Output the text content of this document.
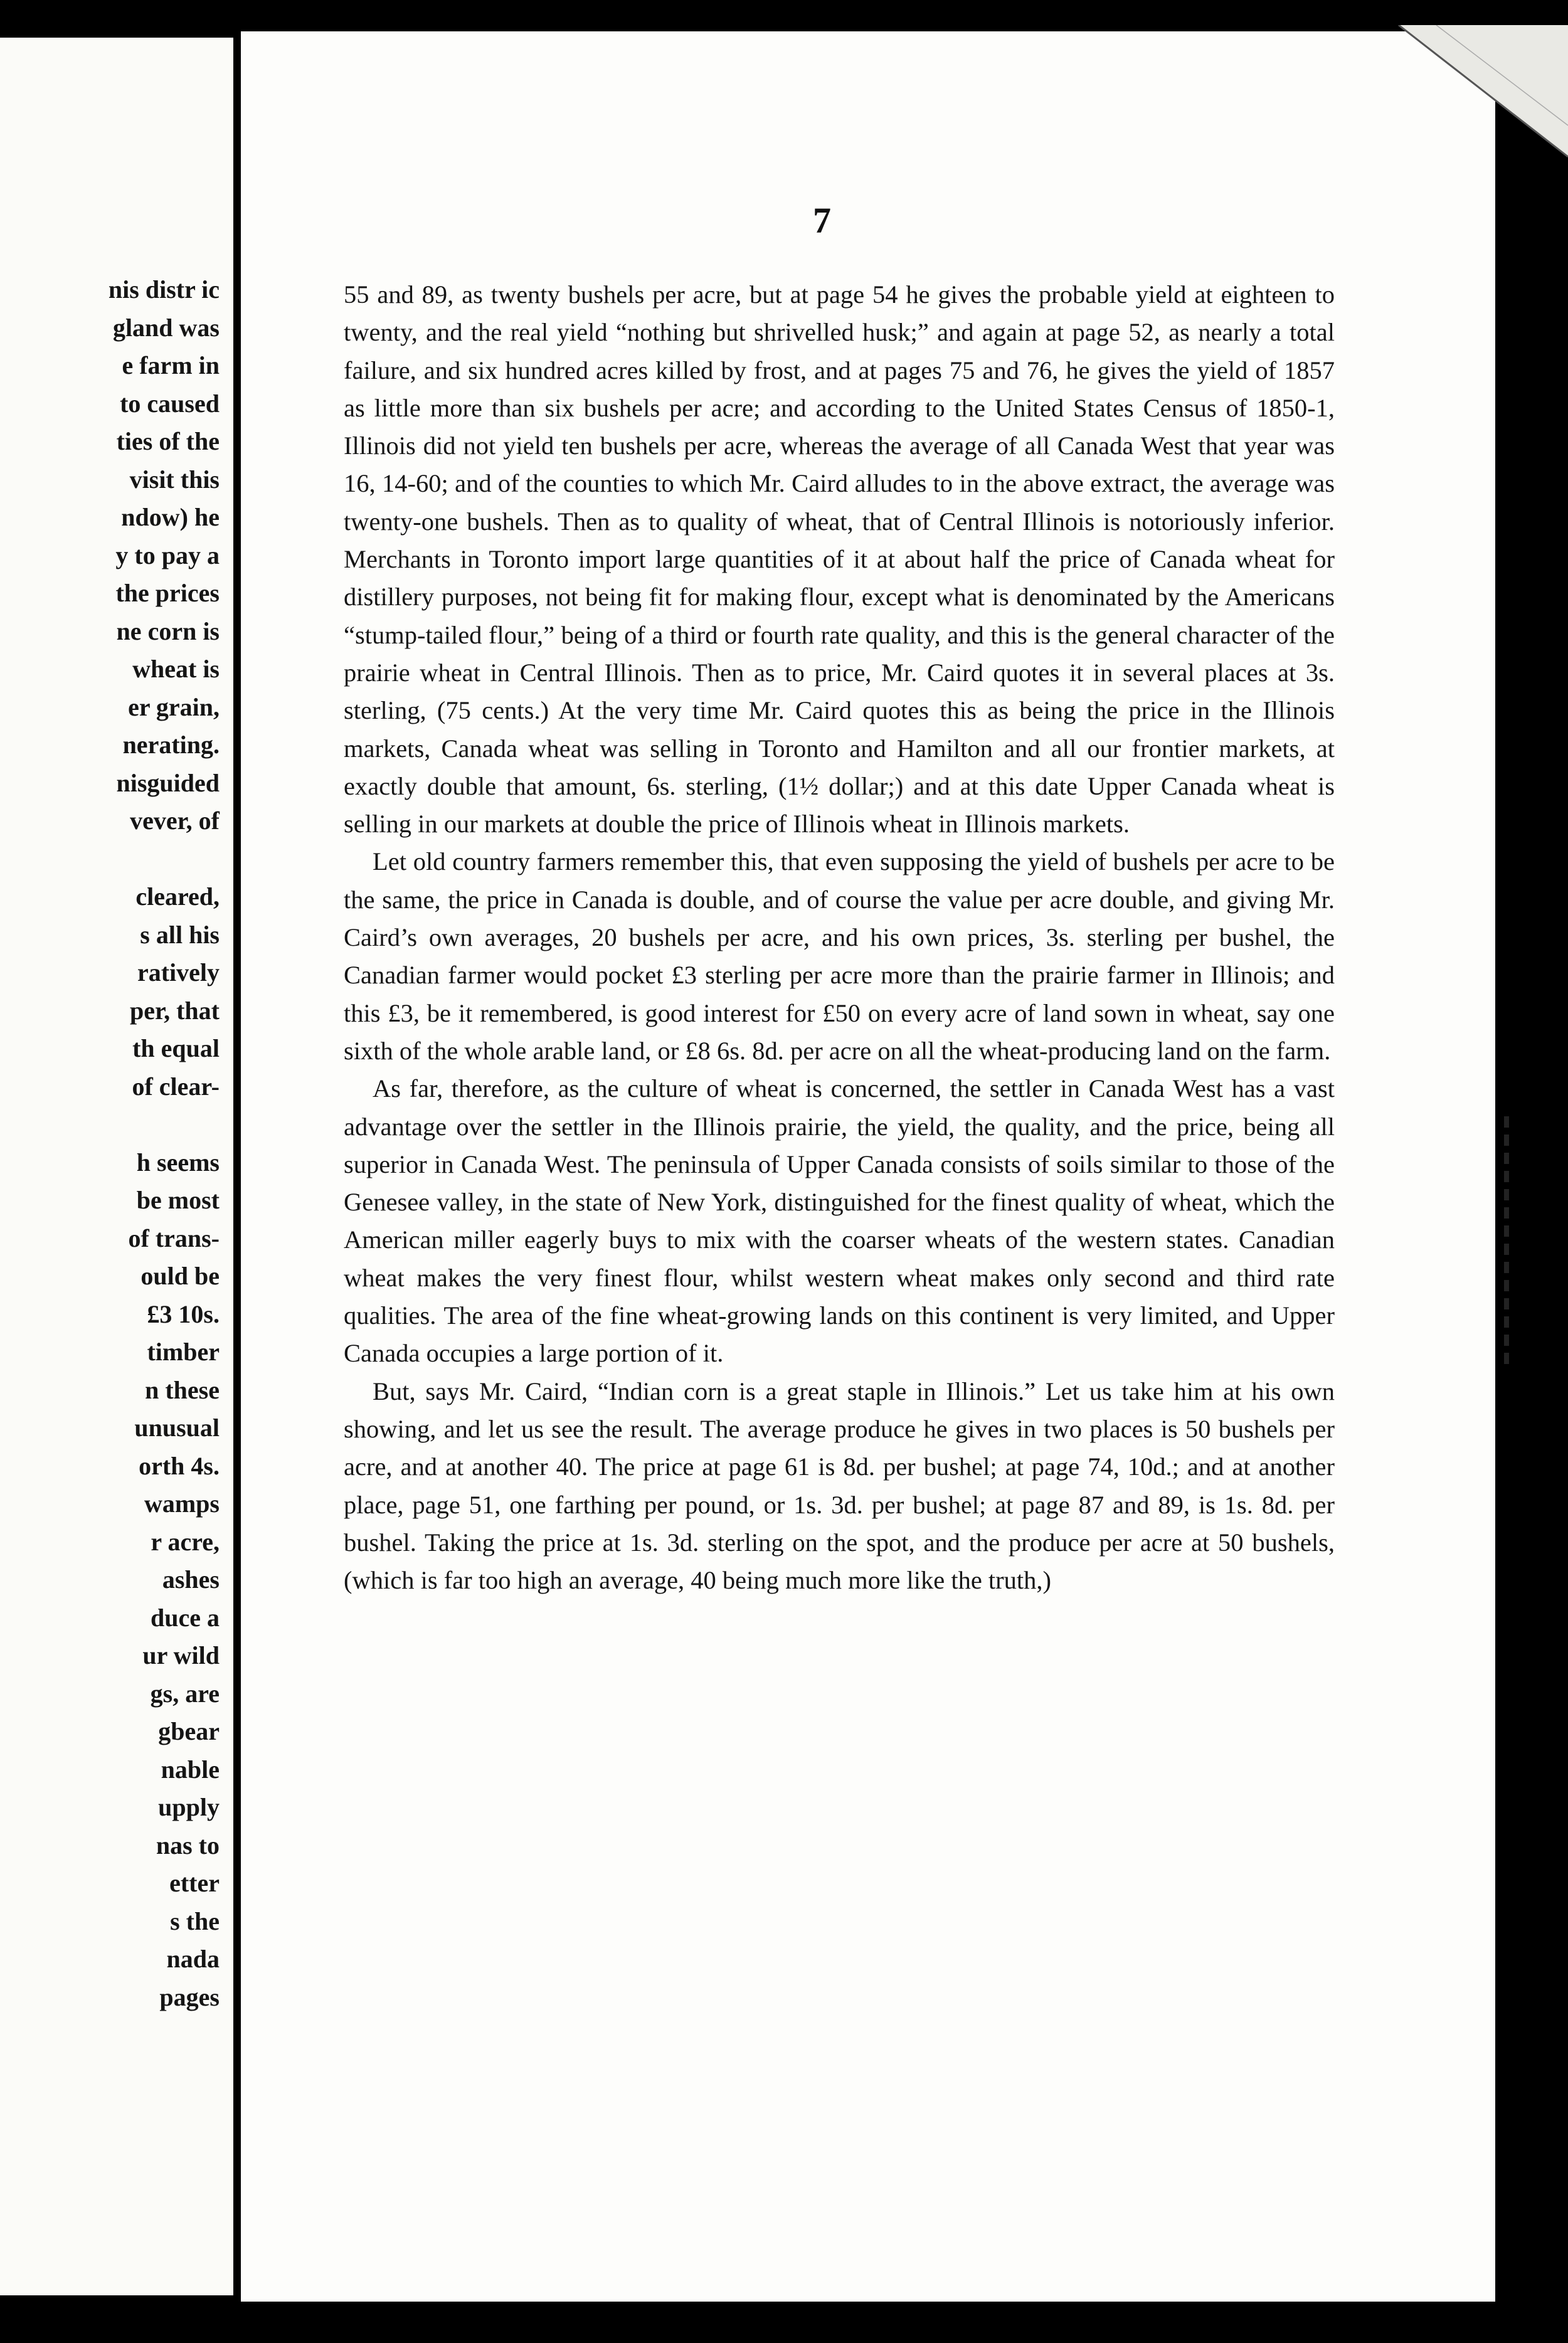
nis distr ic
gland was
e farm in
to caused
ties of the
visit this
ndow) he
y to pay a
the prices
ne corn is
wheat is
er grain,
nerating.
nisguided
vever, of

cleared,
s all his
ratively
per, that
th equal
of clear-

h seems
be most
of trans-
ould be
£3 10s.
timber
n these
unusual
orth 4s.
wamps
r acre,
ashes
duce a
ur wild
gs, are
gbear
nable
upply
nas to
etter
s the
nada
pages
7

55 and 89, as twenty bushels per acre, but at page 54 he gives the probable yield at eighteen to twenty, and the real yield “nothing but shrivelled husk;” and again at page 52, as nearly a total failure, and six hundred acres killed by frost, and at pages 75 and 76, he gives the yield of 1857 as little more than six bushels per acre; and according to the United States Census of 1850-1, Illinois did not yield ten bushels per acre, whereas the average of all Canada West that year was 16, 14-60; and of the counties to which Mr. Caird alludes to in the above extract, the average was twenty-one bushels. Then as to quality of wheat, that of Central Illinois is notoriously inferior. Merchants in Toronto import large quantities of it at about half the price of Canada wheat for distillery purposes, not being fit for making flour, except what is denominated by the Americans “stump-tailed flour,” being of a third or fourth rate quality, and this is the general character of the prairie wheat in Central Illinois. Then as to price, Mr. Caird quotes it in several places at 3s. sterling, (75 cents.) At the very time Mr. Caird quotes this as being the price in the Illinois markets, Canada wheat was selling in Toronto and Hamilton and all our frontier markets, at exactly double that amount, 6s. sterling, (1½ dollar;) and at this date Upper Canada wheat is selling in our markets at double the price of Illinois wheat in Illinois markets.

Let old country farmers remember this, that even supposing the yield of bushels per acre to be the same, the price in Canada is double, and of course the value per acre double, and giving Mr. Caird’s own averages, 20 bushels per acre, and his own prices, 3s. sterling per bushel, the Canadian farmer would pocket £3 sterling per acre more than the prairie farmer in Illinois; and this £3, be it remembered, is good interest for £50 on every acre of land sown in wheat, say one sixth of the whole arable land, or £8 6s. 8d. per acre on all the wheat-producing land on the farm.

As far, therefore, as the culture of wheat is concerned, the settler in Canada West has a vast advantage over the settler in the Illinois prairie, the yield, the quality, and the price, being all superior in Canada West. The peninsula of Upper Canada consists of soils similar to those of the Genesee valley, in the state of New York, distinguished for the finest quality of wheat, which the American miller eagerly buys to mix with the coarser wheats of the western states. Canadian wheat makes the very finest flour, whilst western wheat makes only second and third rate qualities. The area of the fine wheat-growing lands on this continent is very limited, and Upper Canada occupies a large portion of it.

But, says Mr. Caird, “Indian corn is a great staple in Illinois.” Let us take him at his own showing, and let us see the result. The average produce he gives in two places is 50 bushels per acre, and at another 40. The price at page 61 is 8d. per bushel; at page 74, 10d.; and at another place, page 51, one farthing per pound, or 1s. 3d. per bushel; at page 87 and 89, is 1s. 8d. per bushel. Taking the price at 1s. 3d. sterling on the spot, and the produce per acre at 50 bushels, (which is far too high an average, 40 being much more like the truth,)
